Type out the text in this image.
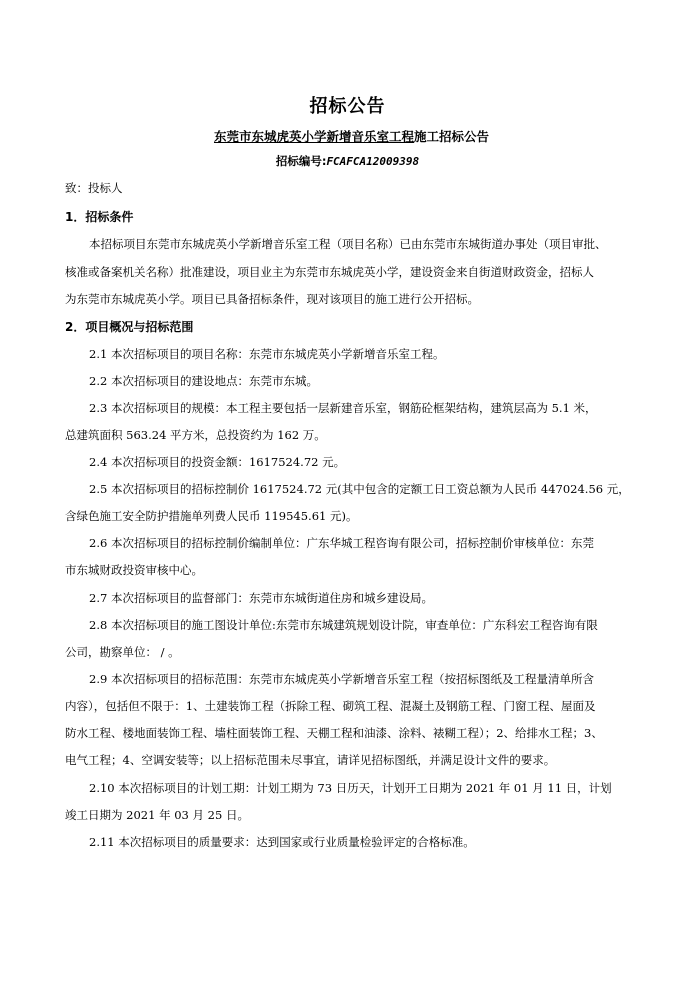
招标公告
东莞市东城虎英小学新增音乐室工程施工招标公告
招标编号:FCAFCA12009398
致：投标人
1．招标条件
本招标项目东莞市东城虎英小学新增音乐室工程（项目名称）已由东莞市东城街道办事处（项目审批、
核准或备案机关名称）批准建设，项目业主为东莞市东城虎英小学，建设资金来自街道财政资金，招标人
为东莞市东城虎英小学。项目已具备招标条件，现对该项目的施工进行公开招标。
2．项目概况与招标范围
2.1 本次招标项目的项目名称：东莞市东城虎英小学新增音乐室工程。
2.2 本次招标项目的建设地点：东莞市东城。
2.3 本次招标项目的规模：本工程主要包括一层新建音乐室，钢筋砼框架结构，建筑层高为 5.1 米，
总建筑面积 563.24 平方米，总投资约为 162 万。
2.4 本次招标项目的投资金额：1617524.72 元。
2.5 本次招标项目的招标控制价 1617524.72 元(其中包含的定额工日工资总额为人民币 447024.56 元，
含绿色施工安全防护措施单列费人民币 119545.61 元)。
2.6 本次招标项目的招标控制价编制单位：广东华城工程咨询有限公司，招标控制价审核单位：东莞
市东城财政投资审核中心。
2.7 本次招标项目的监督部门：东莞市东城街道住房和城乡建设局。
2.8 本次招标项目的施工图设计单位:东莞市东城建筑规划设计院，审查单位：广东科宏工程咨询有限
公司，勘察单位： / 。
2.9 本次招标项目的招标范围：东莞市东城虎英小学新增音乐室工程（按招标图纸及工程量清单所含
内容），包括但不限于：1、土建装饰工程（拆除工程、砌筑工程、混凝土及钢筋工程、门窗工程、屋面及
防水工程、楼地面装饰工程、墙柱面装饰工程、天棚工程和油漆、涂料、裱糊工程）；2、给排水工程；3、
电气工程；4、空调安装等；以上招标范围未尽事宜，请详见招标图纸，并满足设计文件的要求。
2.10 本次招标项目的计划工期：计划工期为 73 日历天，计划开工日期为 2021 年 01 月 11 日，计划
竣工日期为 2021 年 03 月 25 日。
2.11 本次招标项目的质量要求：达到国家或行业质量检验评定的合格标准。
